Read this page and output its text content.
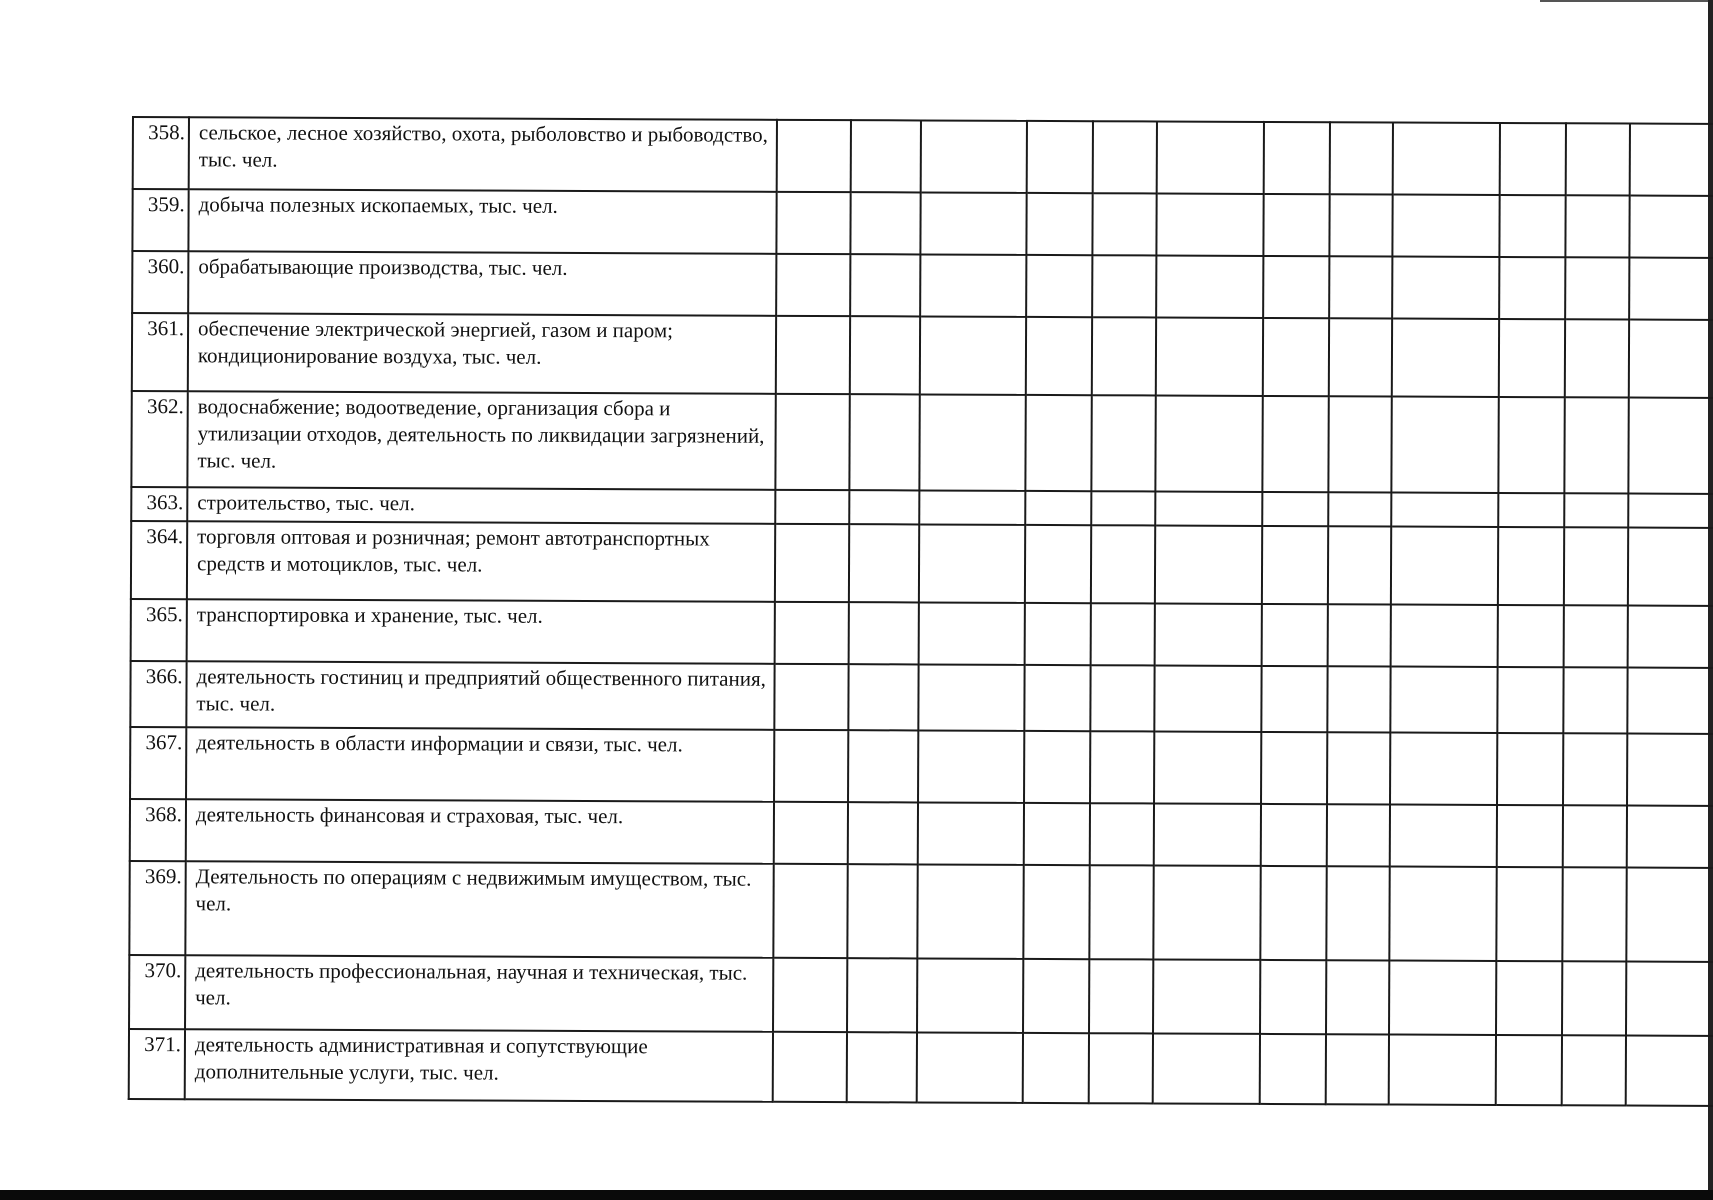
358.	сельское, лесное хозяйство, охота, рыболовство и рыбоводство, тыс. чел.												
359.	добыча полезных ископаемых, тыс. чел.												
360.	обрабатывающие производства, тыс. чел.												
361.	обеспечение электрической энергией, газом и паром; кондиционирование воздуха, тыс. чел.												
362.	водоснабжение; водоотведение, организация сбора и утилизации отходов, деятельность по ликвидации загрязнений, тыс. чел.												
363.	строительство, тыс. чел.												
364.	торговля оптовая и розничная; ремонт автотранспортных средств и мотоциклов, тыс. чел.												
365.	транспортировка и хранение, тыс. чел.												
366.	деятельность гостиниц и предприятий общественного питания, тыс. чел.												
367.	деятельность в области информации и связи, тыс. чел.												
368.	деятельность финансовая и страховая, тыс. чел.												
369.	Деятельность по операциям с недвижимым имуществом, тыс. чел.												
370.	деятельность профессиональная, научная и техническая, тыс. чел.												
371.	деятельность административная и сопутствующие дополнительные услуги, тыс. чел.												
